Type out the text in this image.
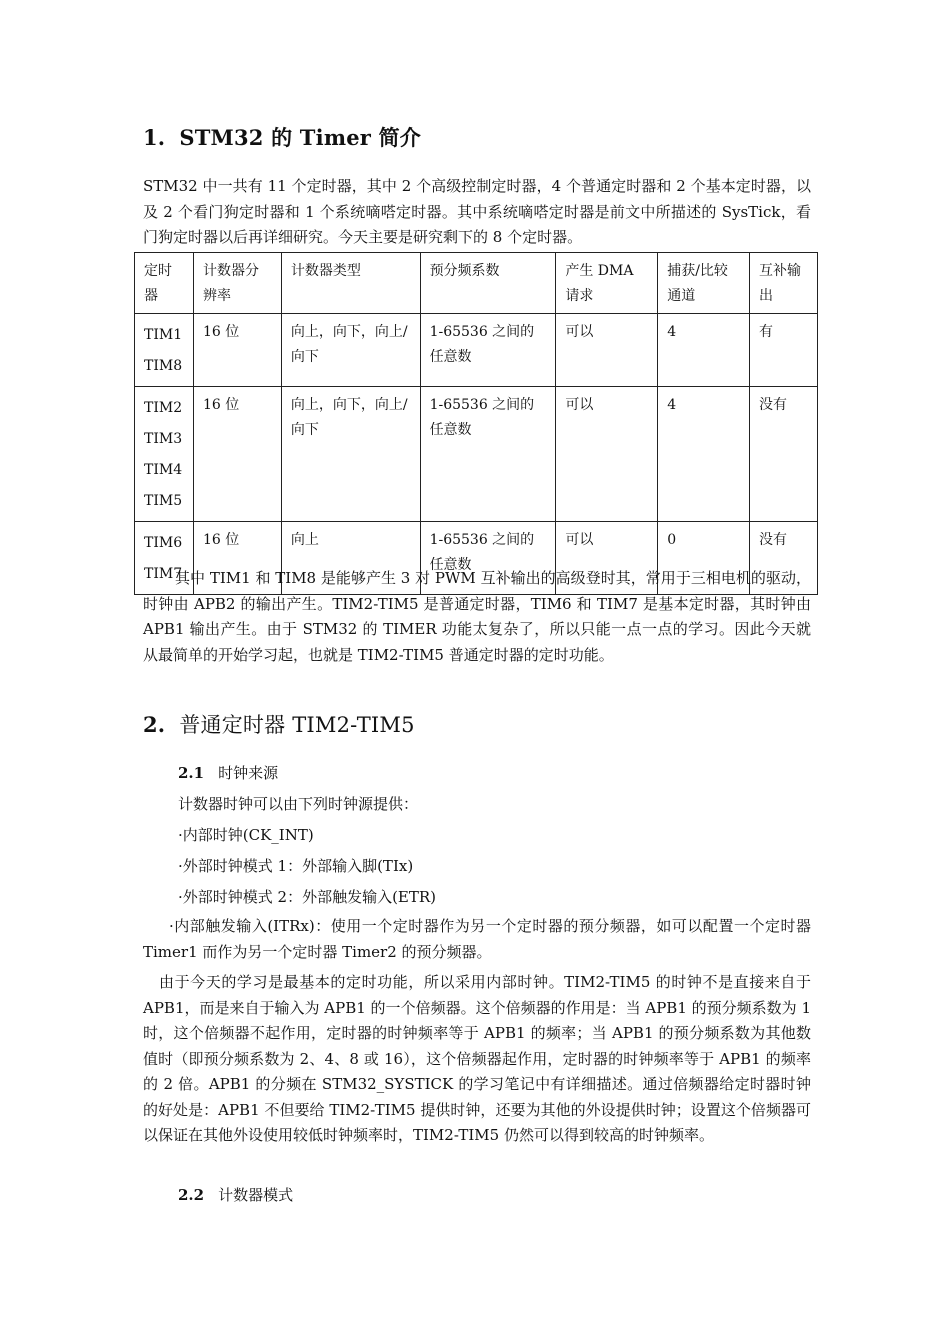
1. STM32 的 Timer 简介

STM32 中一共有 11 个定时器，其中 2 个高级控制定时器，4 个普通定时器和 2 个基本定时器，以及 2 个看门狗定时器和 1 个系统嘀嗒定时器。其中系统嘀嗒定时器是前文中所描述的 SysTick，看门狗定时器以后再详细研究。今天主要是研究剩下的 8 个定时器。

定时器	计数器分辨率	计数器类型	预分频系数	产生 DMA 请求	捕获/比较通道	互补输出

TIM1
TIM8	16 位	向上，向下，向上/向下	1-65536 之间的任意数	可以	4	有

TIM2
TIM3
TIM4
TIM5	16 位	向上，向下，向上/向下	1-65536 之间的任意数	可以	4	没有

TIM6
TIM7	16 位	向上	1-65536 之间的任意数	可以	0	没有

其中 TIM1 和 TIM8 是能够产生 3 对 PWM 互补输出的高级登时其，常用于三相电机的驱动，时钟由 APB2 的输出产生。TIM2-TIM5 是普通定时器，TIM6 和 TIM7 是基本定时器，其时钟由 APB1 输出产生。由于 STM32 的 TIMER 功能太复杂了，所以只能一点一点的学习。因此今天就从最简单的开始学习起，也就是 TIM2-TIM5 普通定时器的定时功能。

2. 普通定时器 TIM2-TIM5
2.1 时钟来源
计数器时钟可以由下列时钟源提供：
·内部时钟(CK_INT)
·外部时钟模式 1：外部输入脚(TIx)
·外部时钟模式 2：外部触发输入(ETR)

·内部触发输入(ITRx)：使用一个定时器作为另一个定时器的预分频器，如可以配置一个定时器 Timer1 而作为另一个定时器 Timer2 的预分频器。

由于今天的学习是最基本的定时功能，所以采用内部时钟。TIM2-TIM5 的时钟不是直接来自于 APB1，而是来自于输入为 APB1 的一个倍频器。这个倍频器的作用是：当 APB1 的预分频系数为 1 时，这个倍频器不起作用，定时器的时钟频率等于 APB1 的频率；当 APB1 的预分频系数为其他数值时（即预分频系数为 2、4、8 或 16），这个倍频器起作用，定时器的时钟频率等于 APB1 的频率的 2 倍。APB1 的分频在 STM32_SYSTICK 的学习笔记中有详细描述。通过倍频器给定时器时钟的好处是：APB1 不但要给 TIM2-TIM5 提供时钟，还要为其他的外设提供时钟；设置这个倍频器可以保证在其他外设使用较低时钟频率时，TIM2-TIM5 仍然可以得到较高的时钟频率。

2.2 计数器模式
